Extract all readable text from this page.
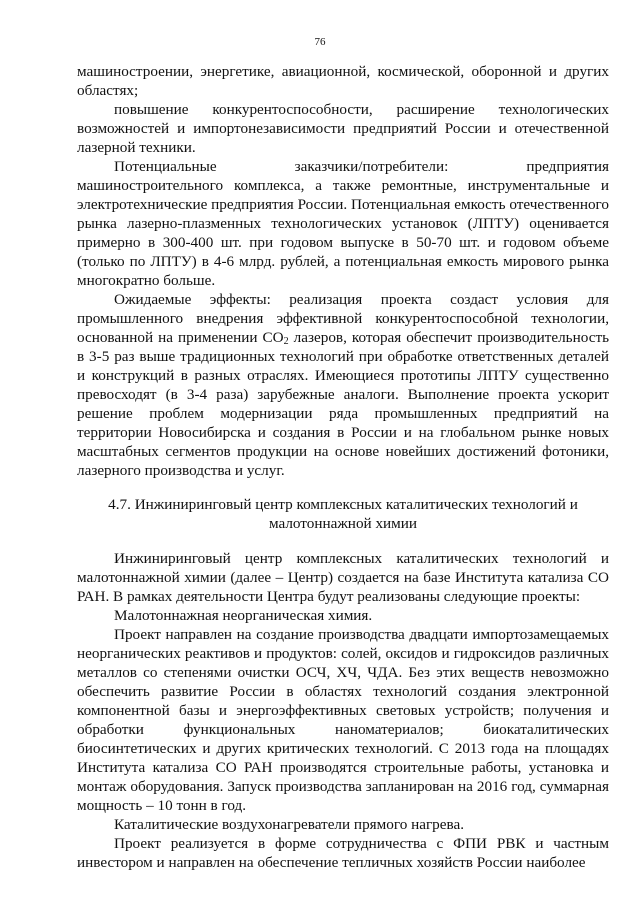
76

машиностроении, энергетике, авиационной, космической, оборонной и других областях;

повышение конкурентоспособности, расширение технологических возможностей и импортонезависимости предприятий России и отечественной лазерной техники.

Потенциальные заказчики/потребители: предприятия машиностроительного комплекса, а также ремонтные, инструментальные и электротехнические предприятия России. Потенциальная емкость отечественного рынка лазерно-плазменных технологических установок (ЛПТУ) оценивается примерно в 300-400 шт. при годовом выпуске в 50-70 шт. и годовом объеме (только по ЛПТУ) в 4-6 млрд. рублей, а потенциальная емкость мирового рынка многократно больше.

Ожидаемые эффекты: реализация проекта создаст условия для промышленного внедрения эффективной конкурентоспособной технологии, основанной на применении $CO_2$ лазеров, которая обеспечит производительность в 3-5 раз выше традиционных технологий при обработке ответственных деталей и конструкций в разных отраслях. Имеющиеся прототипы ЛПТУ существенно превосходят (в 3-4 раза) зарубежные аналоги. Выполнение проекта ускорит решение проблем модернизации ряда промышленных предприятий на территории Новосибирска и создания в России и на глобальном рынке новых масштабных сегментов продукции на основе новейших достижений фотоники, лазерного производства и услуг.

4.7. Инжиниринговый центр комплексных каталитических технологий и
малотоннажной химии

Инжиниринговый центр комплексных каталитических технологий и малотоннажной химии (далее – Центр) создается на базе Института катализа СО РАН. В рамках деятельности Центра будут реализованы следующие проекты:

Малотоннажная неорганическая химия.

Проект направлен на создание производства двадцати импортозамещаемых неорганических реактивов и продуктов: солей, оксидов и гидроксидов различных металлов со степенями очистки ОСЧ, ХЧ, ЧДА. Без этих веществ невозможно обеспечить развитие России в областях технологий создания электронной компонентной базы и энергоэффективных световых устройств; получения и обработки функциональных наноматериалов; биокаталитических биосинтетических и других критических технологий. С 2013 года на площадях Института катализа СО РАН производятся строительные работы, установка и монтаж оборудования. Запуск производства запланирован на 2016 год, суммарная мощность – 10 тонн в год.

Каталитические воздухонагреватели прямого нагрева.

Проект реализуется в форме сотрудничества с ФПИ РВК и частным инвестором и направлен на обеспечение тепличных хозяйств России наиболее
